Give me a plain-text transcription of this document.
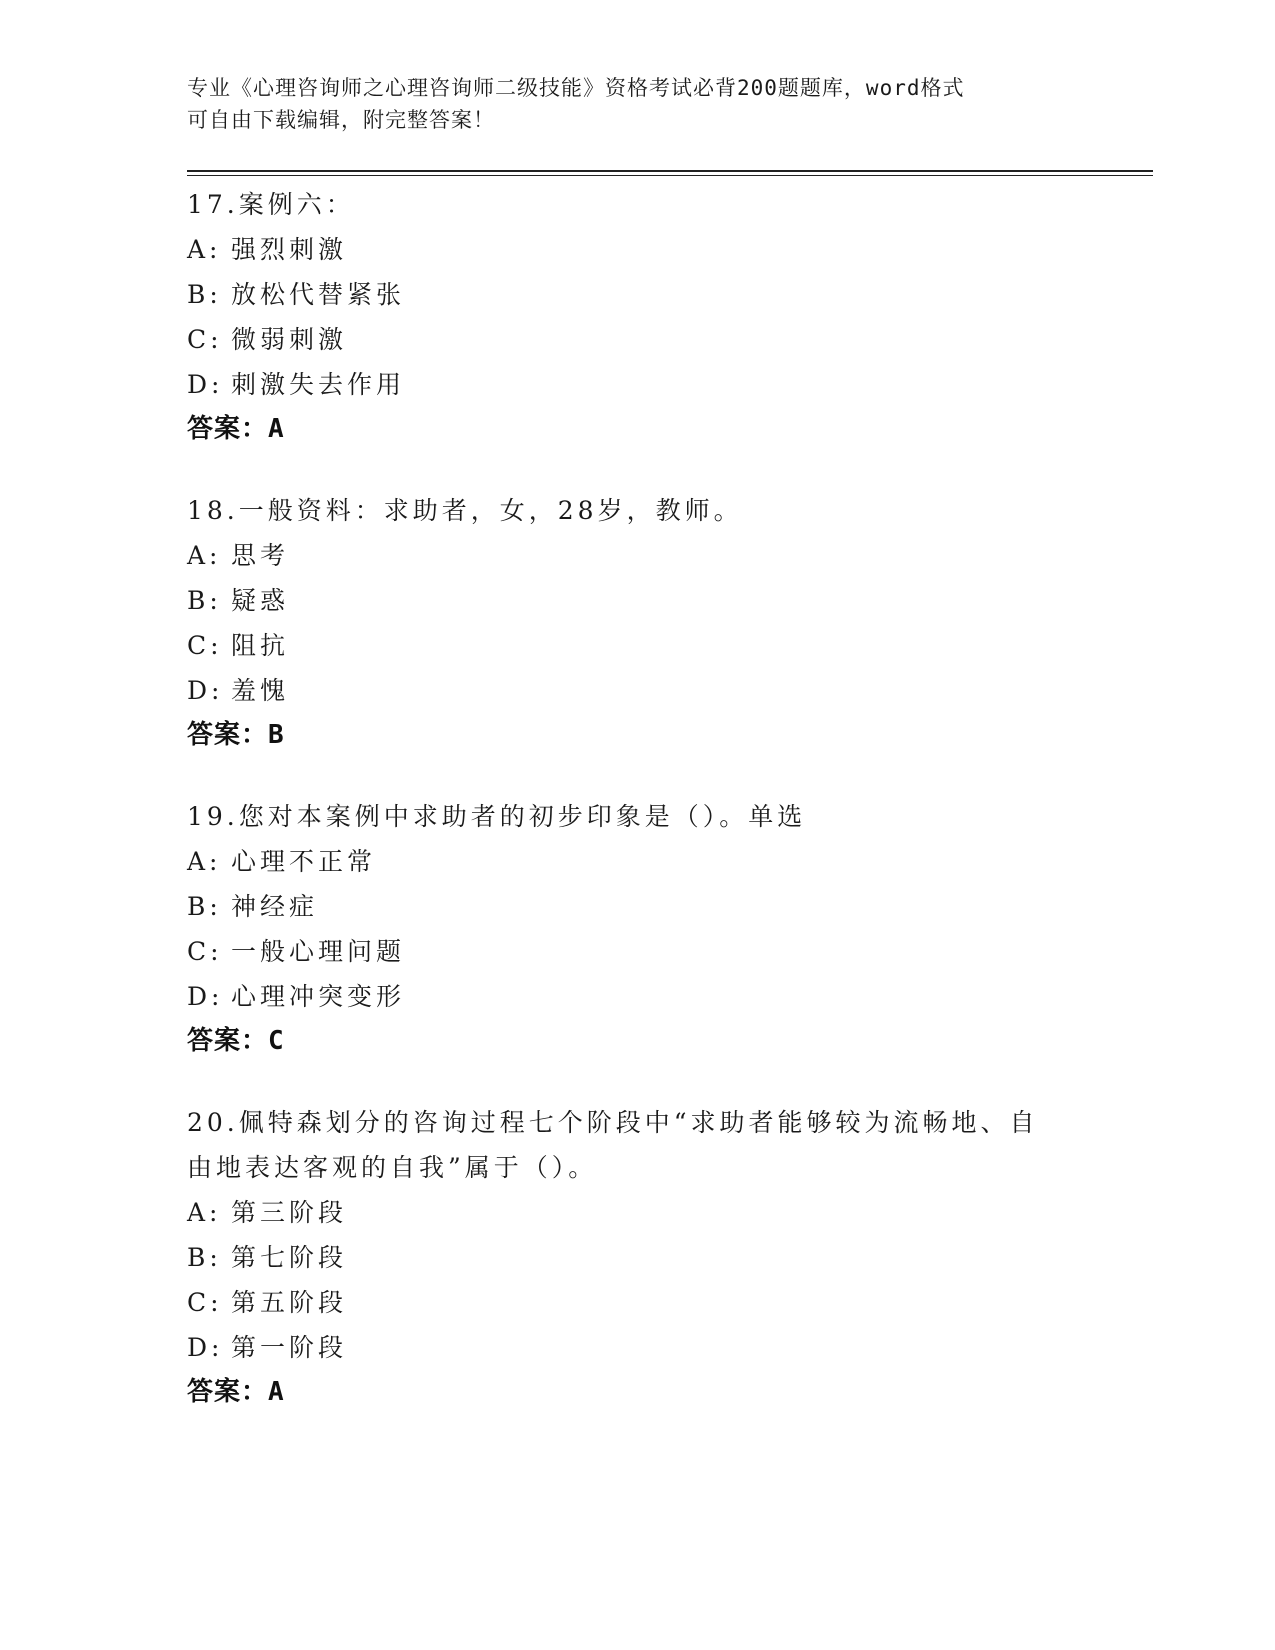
专业《心理咨询师之心理咨询师二级技能》资格考试必背200题题库，word格式
可自由下载编辑，附完整答案！
17.案例六：
A: 强烈刺激
B: 放松代替紧张
C: 微弱刺激
D: 刺激失去作用
答案：A
18.一般资料：求助者，女，28岁，教师。
A: 思考
B: 疑惑
C: 阻抗
D: 羞愧
答案：B
19.您对本案例中求助者的初步印象是（）。单选
A: 心理不正常
B: 神经症
C: 一般心理问题
D: 心理冲突变形
答案：C
20.佩特森划分的咨询过程七个阶段中“求助者能够较为流畅地、自由地表达客观的自我”属于（）。
A: 第三阶段
B: 第七阶段
C: 第五阶段
D: 第一阶段
答案：A
